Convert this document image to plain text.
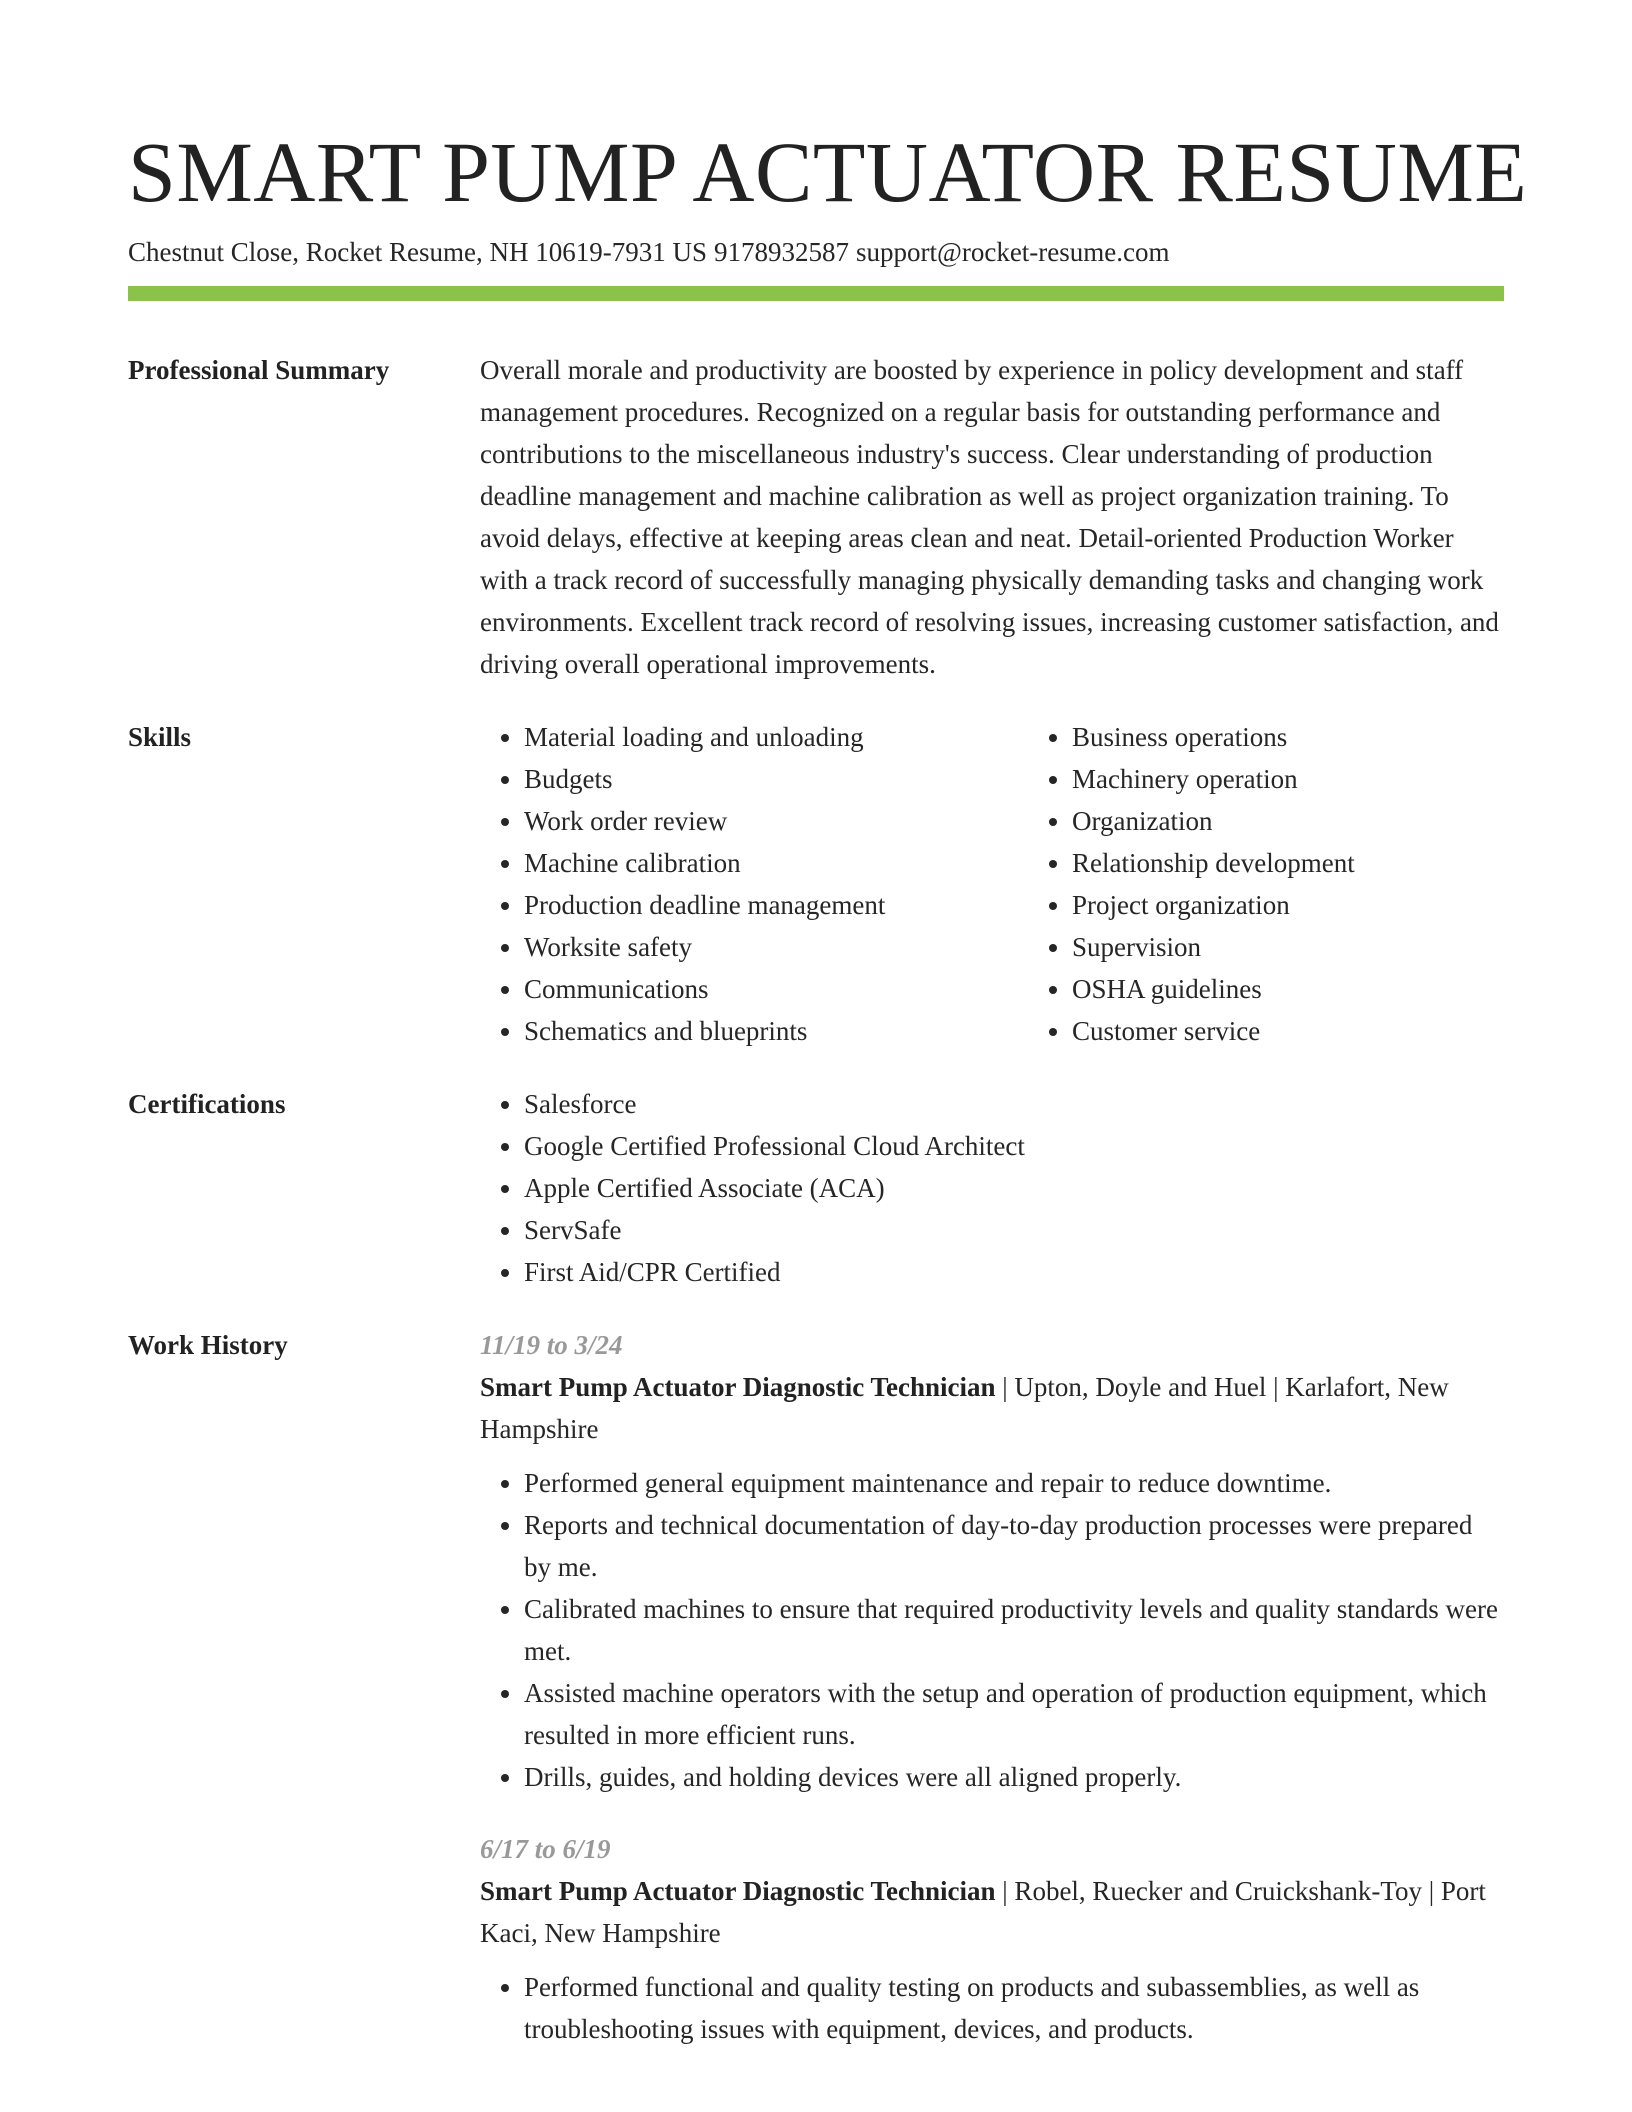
SMART PUMP ACTUATOR RESUME
Chestnut Close, Rocket Resume, NH 10619-7931 US 9178932587 support@rocket-resume.com
Professional Summary	Overall morale and productivity are boosted by experience in policy development and staff management procedures. Recognized on a regular basis for outstanding performance and contributions to the miscellaneous industry's success. Clear understanding of production deadline management and machine calibration as well as project organization training. To avoid delays, effective at keeping areas clean and neat. Detail-oriented Production Worker with a track record of successfully managing physically demanding tasks and changing work environments. Excellent track record of resolving issues, increasing customer satisfaction, and driving overall operational improvements.

Skills	• Material loading and unloading
• Budgets
• Work order review
• Machine calibration
• Production deadline management
• Worksite safety
• Communications
• Schematics and blueprints
• Business operations
• Machinery operation
• Organization
• Relationship development
• Project organization
• Supervision
• OSHA guidelines
• Customer service
Certifications	• Salesforce
• Google Certified Professional Cloud Architect
• Apple Certified Associate (ACA)
• ServSafe
• First Aid/CPR Certified
Work History	11/19 to 3/24

Smart Pump Actuator Diagnostic Technician | Upton, Doyle and Huel | Karlafort, New Hampshire

• Performed general equipment maintenance and repair to reduce downtime.
• Reports and technical documentation of day-to-day production processes were prepared by me.
• Calibrated machines to ensure that required productivity levels and quality standards were met.
• Assisted machine operators with the setup and operation of production equipment, which resulted in more efficient runs.
• Drills, guides, and holding devices were all aligned properly.
6/17 to 6/19

Smart Pump Actuator Diagnostic Technician | Robel, Ruecker and Cruickshank-Toy | Port Kaci, New Hampshire

• Performed functional and quality testing on products and subassemblies, as well as troubleshooting issues with equipment, devices, and products.
